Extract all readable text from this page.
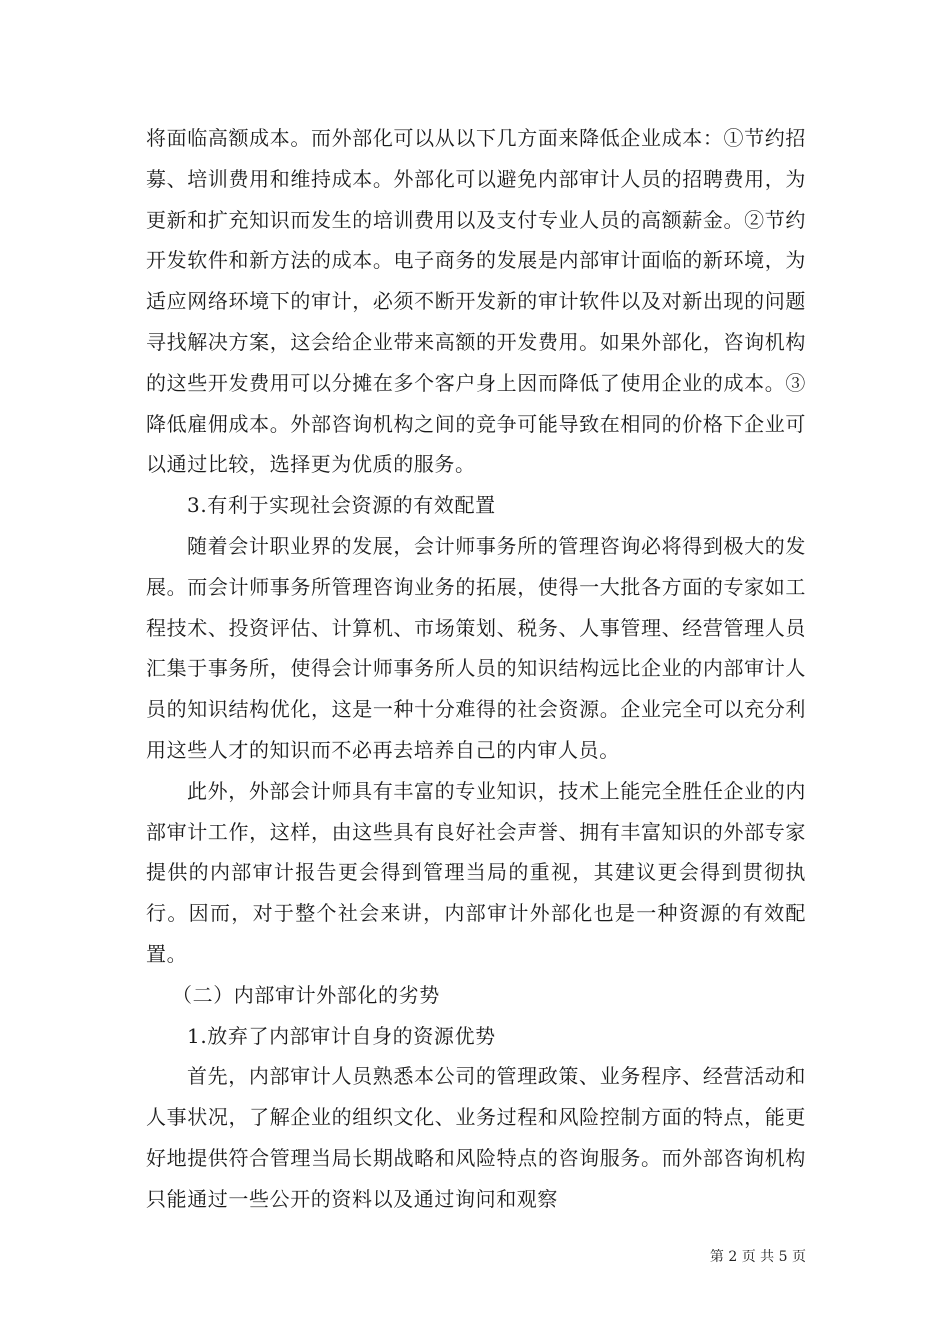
将面临高额成本。而外部化可以从以下几方面来降低企业成本：①节约招募、培训费用和维持成本。外部化可以避免内部审计人员的招聘费用，为更新和扩充知识而发生的培训费用以及支付专业人员的高额薪金。②节约开发软件和新方法的成本。电子商务的发展是内部审计面临的新环境，为适应网络环境下的审计，必须不断开发新的审计软件以及对新出现的问题寻找解决方案，这会给企业带来高额的开发费用。如果外部化，咨询机构的这些开发费用可以分摊在多个客户身上因而降低了使用企业的成本。③降低雇佣成本。外部咨询机构之间的竞争可能导致在相同的价格下企业可以通过比较，选择更为优质的服务。

3.有利于实现社会资源的有效配置

随着会计职业界的发展，会计师事务所的管理咨询必将得到极大的发展。而会计师事务所管理咨询业务的拓展，使得一大批各方面的专家如工程技术、投资评估、计算机、市场策划、税务、人事管理、经营管理人员汇集于事务所，使得会计师事务所人员的知识结构远比企业的内部审计人员的知识结构优化，这是一种十分难得的社会资源。企业完全可以充分利用这些人才的知识而不必再去培养自己的内审人员。

此外，外部会计师具有丰富的专业知识，技术上能完全胜任企业的内部审计工作，这样，由这些具有良好社会声誉、拥有丰富知识的外部专家提供的内部审计报告更会得到管理当局的重视，其建议更会得到贯彻执行。因而，对于整个社会来讲，内部审计外部化也是一种资源的有效配置。

（二）内部审计外部化的劣势

1.放弃了内部审计自身的资源优势

首先，内部审计人员熟悉本公司的管理政策、业务程序、经营活动和人事状况，了解企业的组织文化、业务过程和风险控制方面的特点，能更好地提供符合管理当局长期战略和风险特点的咨询服务。而外部咨询机构只能通过一些公开的资料以及通过询问和观察

第 2 页 共 5 页
